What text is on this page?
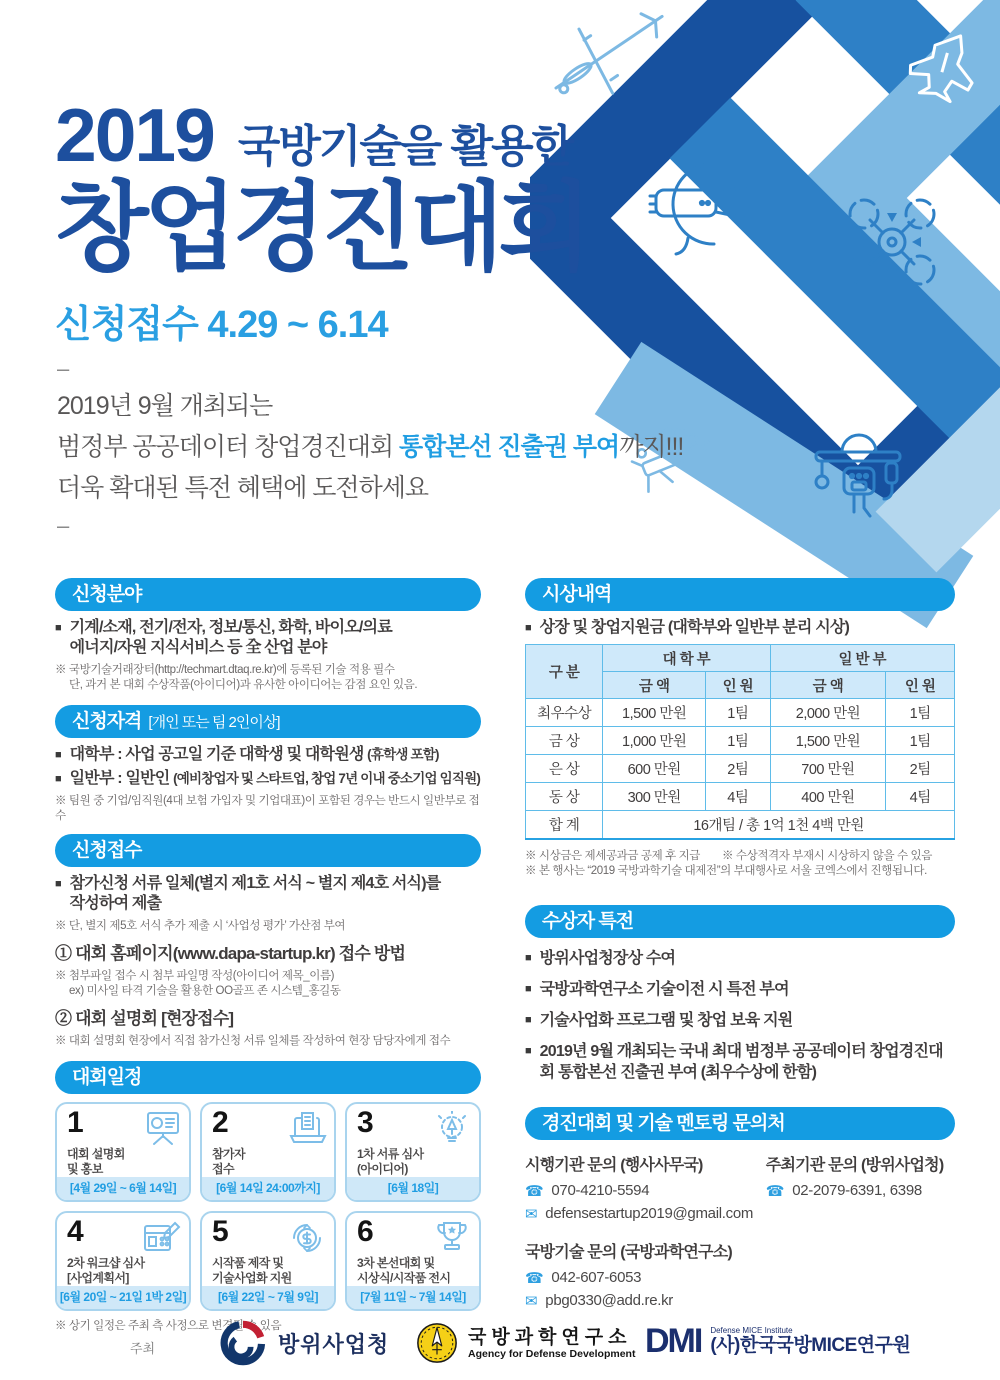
2019 국방기술을 활용한
창업경진대회
신청접수 4.29 ~ 6.14
–

2019년 9월 개최되는
범정부 공공데이터 창업경진대회 통합본선 진출권 부여까지!!!
더욱 확대된 특전 혜택에 도전하세요

–
신청분야
■ 기계/소재, 전기/전자, 정보/통신, 화학, 바이오/의료
에너지/자원 지식서비스 등 全 산업 분야
※ 국방기술거래장터(http://techmart.dtaq.re.kr)에 등록된 기술 적용 필수
단, 과거 본 대회 수상작품(아이디어)과 유사한 아이디어는 감점 요인 있음.
신청자격 [개인 또는 팀 2인이상]
■ 대학부 : 사업 공고일 기준 대학생 및 대학원생 (휴학생 포함)
■ 일반부 : 일반인 (예비창업자 및 스타트업, 창업 7년 이내 중소기업 임직원)
※ 팀원 중 기업/임직원(4대 보험 가입자 및 기업대표)이 포함된 경우는 반드시 일반부로 접수
신청접수
■ 참가신청 서류 일체(별지 제1호 서식 ~ 별지 제4호 서식)를
작성하여 제출
※ 단, 별지 제5호 서식 추가 제출 시 ‘사업성 평가’ 가산점 부여
① 대회 홈페이지(www.dapa-startup.kr) 접수 방법
※ 첨부파일 접수 시 첨부 파일명 작성(아이디어 제목_이름)
ex) 미사일 타격 기술을 활용한 OO골프 존 시스템_홍길동
② 대회 설명회 [현장접수]
※ 대회 설명회 현장에서 직접 참가신청 서류 일체를 작성하여 현장 담당자에게 접수
대회일정
1
대회 설명회
및 홍보
[4월 29일 ~ 6월 14일]
2
참가자
접수
[6월 14일 24:00까지]
3
1차 서류 심사
(아이디어)
[6월 18일]
4
2차 워크샵 심사
[사업계획서]
[6월 20일 ~ 21일 1박 2일]
5
시작품 제작 및
기술사업화 지원
[6월 22일 ~ 7월 9일]
6
3차 본선대회 및
시상식/시작품 전시
[7월 11일 ~ 7월 14일]
※ 상기 일정은 주최 측 사정으로 변경될 수 있음
시상내역
■ 상장 및 창업지원금 (대학부와 일반부 분리 시상)
구 분	대 학 부		일 반 부	
	금 액	인 원	금 액	인 원
최우수상	1,500 만원	1팀	2,000 만원	1팀
금 상	1,000 만원	1팀	1,500 만원	1팀
은 상	600 만원	2팀	700 만원	2팀
동 상	300 만원	4팀	400 만원	4팀
합 계	16개팀 / 총 1억 1천 4백 만원			
※ 시상금은 제세공과금 공제 후 지급 ※ 수상적격자 부재시 시상하지 않을 수 있음
※ 본 행사는 “2019 국방과학기술 대제전”의 부대행사로 서울 코엑스에서 진행됩니다.
수상자 특전
■ 방위사업청장상 수여
■ 국방과학연구소 기술이전 시 특전 부여
■ 기술사업화 프로그램 및 창업 보육 지원
■ 2019년 9월 개최되는 국내 최대 범정부 공공데이터 창업경진대회 통합본선 진출권 부여 (최우수상에 한함)
경진대회 및 기술 멘토링 문의처
시행기관 문의 (행사사무국)
☎ 070-4210-5594
✉ defensestartup2019@gmail.com
국방기술 문의 (국방과학연구소)
☎ 042-607-6053
✉ pbg0330@add.re.kr
주최기관 문의 (방위사업청)
☎ 02-2079-6391, 6398
주최	방위사업청	국방과학연구소
Agency for Defense Development DMI Defense MICE Institute
(사)한국국방MICE연구원
